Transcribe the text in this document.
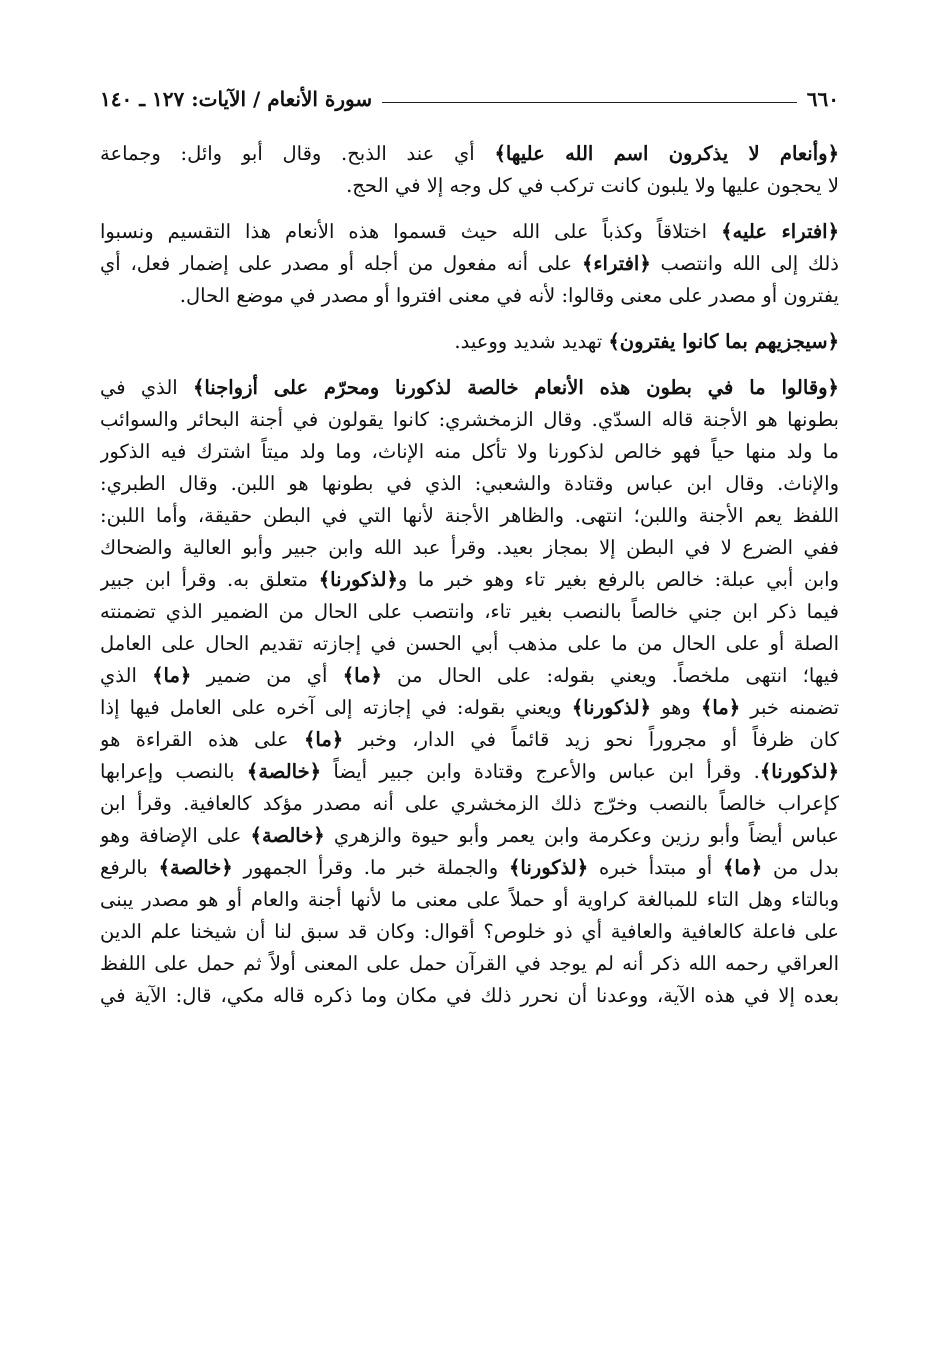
٦٦٠
سورة الأنعام / الآيات: ١٢٧ ـ ١٤٠
﴿وأنعام لا يذكرون اسم الله عليها﴾ أي عند الذبح. وقال أبو وائل: وجماعة
لا يحجون عليها ولا يلبون كانت تركب في كل وجه إلا في الحج.
﴿افتراء عليه﴾ اختلاقاً وكذباً على الله حيث قسموا هذه الأنعام هذا التقسيم ونسبوا
ذلك إلى الله وانتصب ﴿افتراء﴾ على أنه مفعول من أجله أو مصدر على إضمار فعل، أي
يفترون أو مصدر على معنى وقالوا: لأنه في معنى افتروا أو مصدر في موضع الحال.
﴿سيجزيهم بما كانوا يفترون﴾ تهديد شديد ووعيد.
﴿وقالوا ما في بطون هذه الأنعام خالصة لذكورنا ومحرّم على أزواجنا﴾ الذي في
بطونها هو الأجنة قاله السدّي. وقال الزمخشري: كانوا يقولون في أجنة البحائر والسوائب
ما ولد منها حياً فهو خالص لذكورنا ولا تأكل منه الإناث، وما ولد ميتاً اشترك فيه الذكور
والإناث. وقال ابن عباس وقتادة والشعبي: الذي في بطونها هو اللبن. وقال الطبري:
اللفظ يعم الأجنة واللبن؛ انتهى. والظاهر الأجنة لأنها التي في البطن حقيقة، وأما اللبن:
ففي الضرع لا في البطن إلا بمجاز بعيد. وقرأ عبد الله وابن جبير وأبو العالية والضحاك
وابن أبي عبلة: خالص بالرفع بغير تاء وهو خبر ما و﴿لذكورنا﴾ متعلق به. وقرأ ابن جبير
فيما ذكر ابن جني خالصاً بالنصب بغير تاء، وانتصب على الحال من الضمير الذي تضمنته
الصلة أو على الحال من ما على مذهب أبي الحسن في إجازته تقديم الحال على العامل
فيها؛ انتهى ملخصاً. ويعني بقوله: على الحال من ﴿ما﴾ أي من ضمير ﴿ما﴾ الذي
تضمنه خبر ﴿ما﴾ وهو ﴿لذكورنا﴾ ويعني بقوله: في إجازته إلى آخره على العامل فيها إذا
كان ظرفاً أو مجروراً نحو زيد قائماً في الدار، وخبر ﴿ما﴾ على هذه القراءة هو
﴿لذكورنا﴾. وقرأ ابن عباس والأعرج وقتادة وابن جبير أيضاً ﴿خالصة﴾ بالنصب وإعرابها
كإعراب خالصاً بالنصب وخرّج ذلك الزمخشري على أنه مصدر مؤكد كالعافية. وقرأ ابن
عباس أيضاً وأبو رزين وعكرمة وابن يعمر وأبو حيوة والزهري ﴿خالصة﴾ على الإضافة وهو
بدل من ﴿ما﴾ أو مبتدأ خبره ﴿لذكورنا﴾ والجملة خبر ما. وقرأ الجمهور ﴿خالصة﴾ بالرفع
وبالتاء وهل التاء للمبالغة كراوية أو حملاً على معنى ما لأنها أجنة والعام أو هو مصدر يبنى
على فاعلة كالعافية والعافية أي ذو خلوص؟ أقوال: وكان قد سبق لنا أن شيخنا علم الدين
العراقي رحمه الله ذكر أنه لم يوجد في القرآن حمل على المعنى أولاً ثم حمل على اللفظ
بعده إلا في هذه الآية، ووعدنا أن نحرر ذلك في مكان وما ذكره قاله مكي، قال: الآية في
